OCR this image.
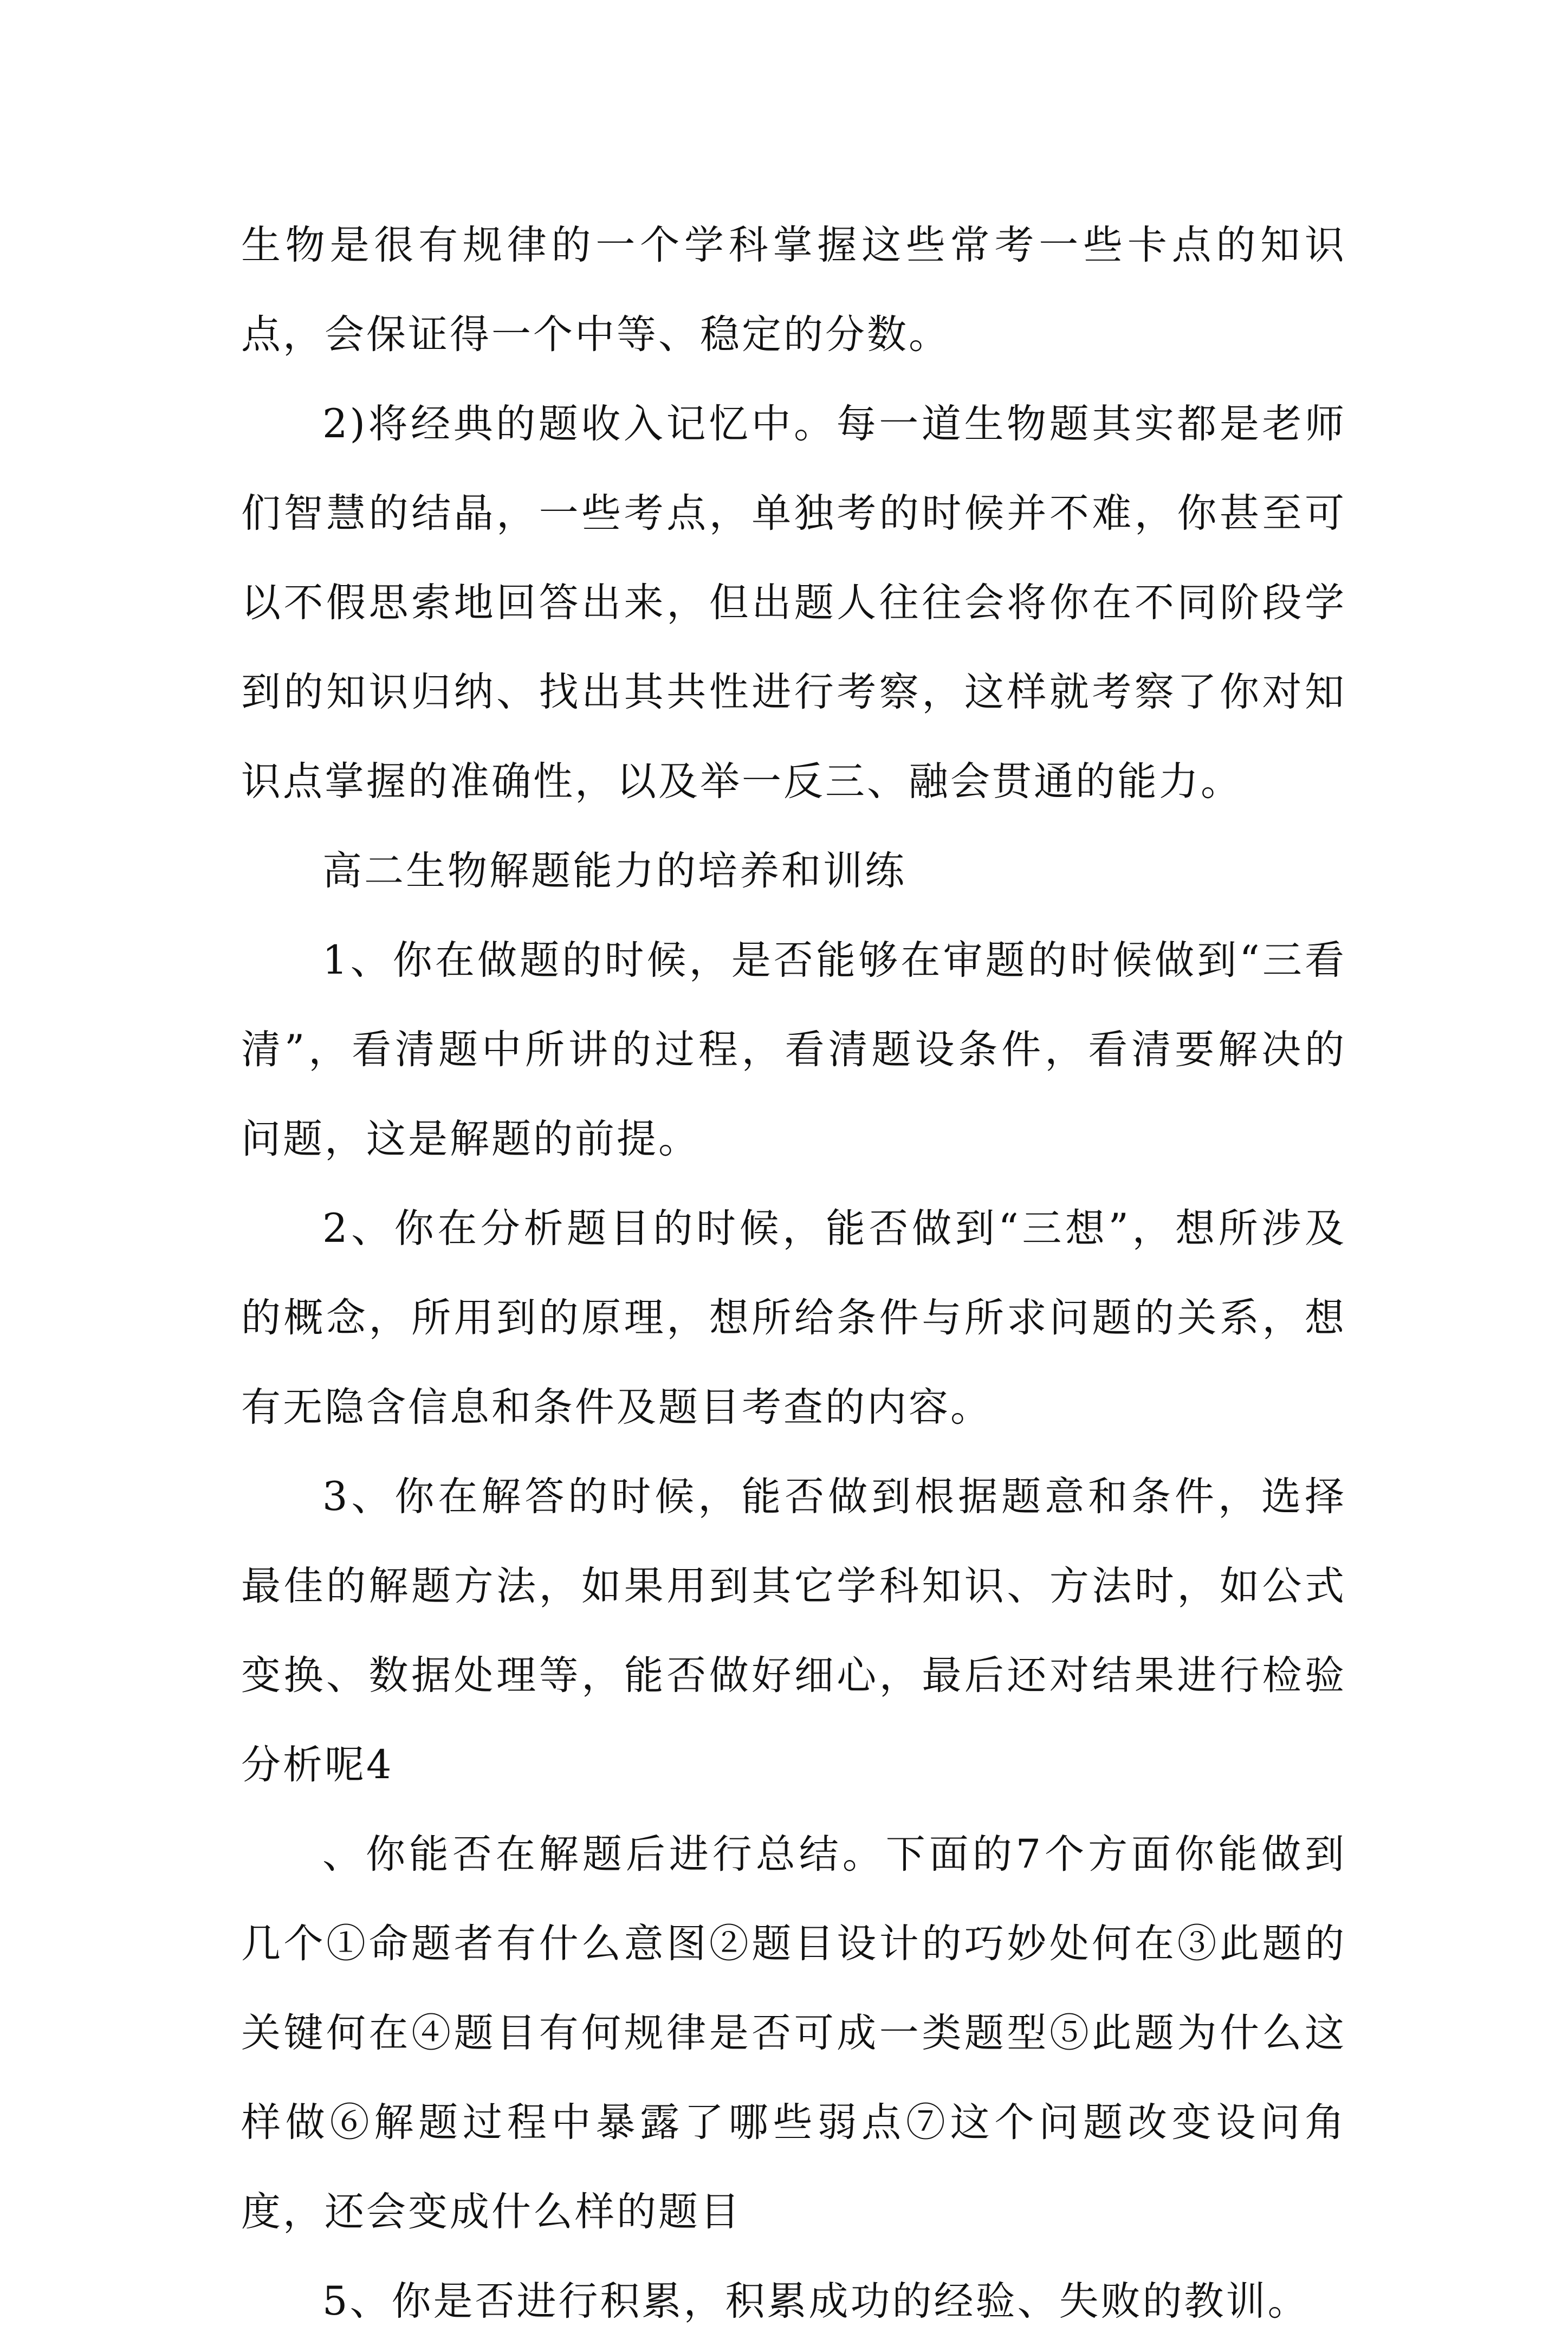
生物是很有规律的一个学科掌握这些常考一些卡点的知识点，会保证得一个中等、稳定的分数。

2)将经典的题收入记忆中。每一道生物题其实都是老师们智慧的结晶，一些考点，单独考的时候并不难，你甚至可以不假思索地回答出来，但出题人往往会将你在不同阶段学到的知识归纳、找出其共性进行考察，这样就考察了你对知识点掌握的准确性，以及举一反三、融会贯通的能力。

高二生物解题能力的培养和训练

1、你在做题的时候，是否能够在审题的时候做到“三看清”，看清题中所讲的过程，看清题设条件，看清要解决的问题，这是解题的前提。

2、你在分析题目的时候，能否做到“三想”，想所涉及的概念，所用到的原理，想所给条件与所求问题的关系，想有无隐含信息和条件及题目考查的内容。

3、你在解答的时候，能否做到根据题意和条件，选择最佳的解题方法，如果用到其它学科知识、方法时，如公式变换、数据处理等，能否做好细心，最后还对结果进行检验分析呢4

、你能否在解题后进行总结。下面的7个方面你能做到几个①命题者有什么意图②题目设计的巧妙处何在③此题的关键何在④题目有何规律是否可成一类题型⑤此题为什么这样做⑥解题过程中暴露了哪些弱点⑦这个问题改变设问角度，还会变成什么样的题目

5、你是否进行积累，积累成功的经验、失败的教训。
